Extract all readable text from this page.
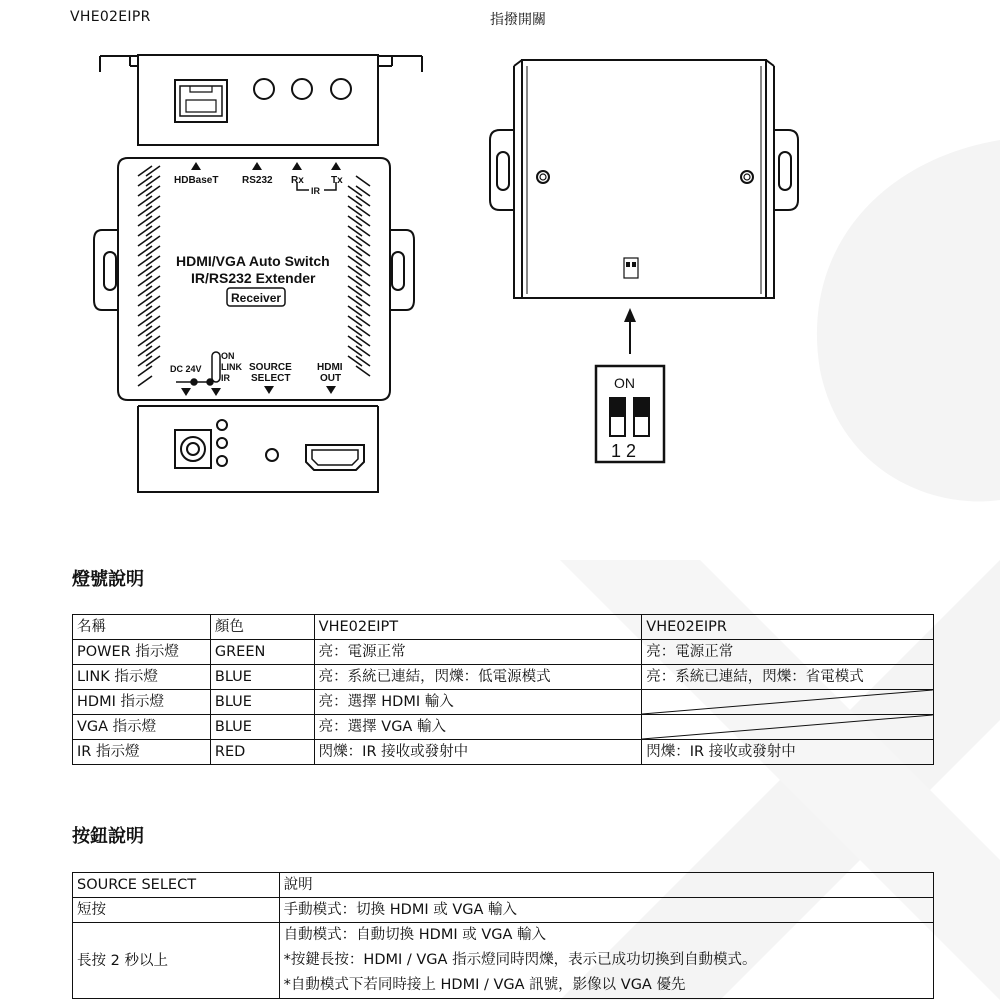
VHE02EIPR	指撥開關
HDBaseT RS232 Rx
IR
Tx
HDMI/VGA Auto Switch
IR/RS232 Extender
Receiver
ON
LINK
IR
DC 24V	SOURCE
SELECT
HDMI
OUT	ON
1 2
燈號說明
名稱	顏色	VHE02EIPT	VHE02EIPR
POWER 指示燈	GREEN	亮：電源正常	亮：電源正常
LINK 指示燈	BLUE	亮：系統已連結，閃爍：低電源模式	亮：系統已連結，閃爍：省電模式
HDMI 指示燈	BLUE	亮：選擇 HDMI 輸入	

VGA 指示燈	BLUE	亮：選擇 VGA 輸入	

IR 指示燈	RED	閃爍：IR 接收或發射中	閃爍：IR 接收或發射中
按鈕說明
SOURCE SELECT	說明
短按	手動模式：切換 HDMI 或 VGA 輸入
長按 2 秒以上	自動模式：自動切換 HDMI 或 VGA 輸入
*按鍵長按：HDMI / VGA 指示燈同時閃爍，表示已成功切換到自動模式。
*自動模式下若同時接上 HDMI / VGA 訊號，影像以 VGA 優先
